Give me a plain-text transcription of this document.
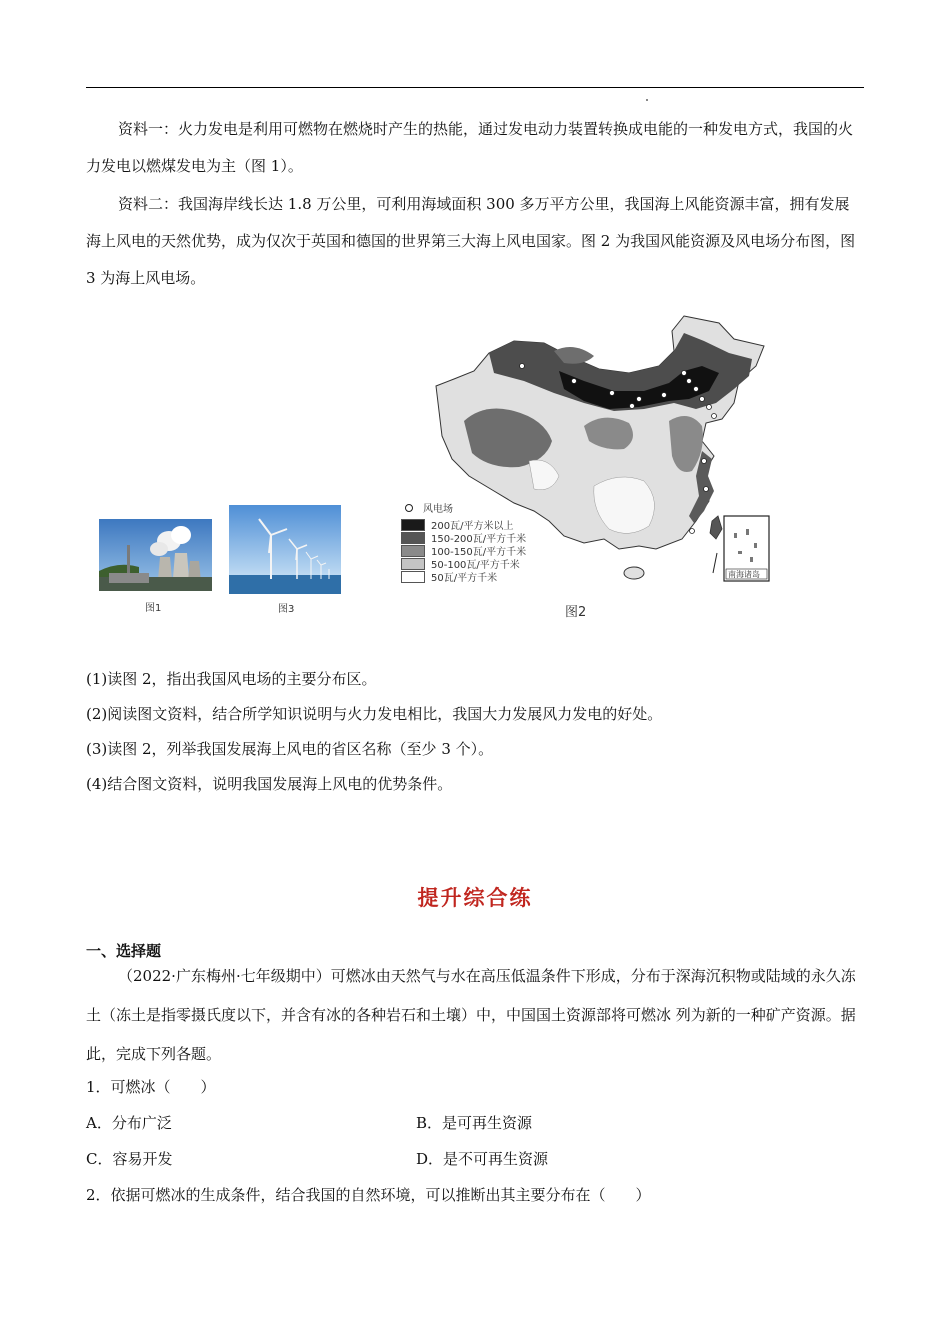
资料一：火力发电是利用可燃物在燃烧时产生的热能，通过发电动力装置转换成电能的一种发电方式，我国的火力发电以燃煤发电为主（图 1）。

资料二：我国海岸线长达 1.8 万公里，可利用海域面积 300 多万平方公里，我国海上风能资源丰富，拥有发展海上风电的天然优势，成为仅次于英国和德国的世界第三大海上风电国家。图 2 为我国风能资源及风电场分布图，图 3 为海上风电场。

图1	图3
南海诸岛
风电场
200瓦/平方米以上
150-200瓦/平方千米
100-150瓦/平方千米
50-100瓦/平方千米
50瓦/平方千米
图2

(1)读图 2，指出我国风电场的主要分布区。

(2)阅读图文资料，结合所学知识说明与火力发电相比，我国大力发展风力发电的好处。

(3)读图 2，列举我国发展海上风电的省区名称（至少 3 个）。

(4)结合图文资料，说明我国发展海上风电的优势条件。

提升综合练

一、选择题

（2022·广东梅州·七年级期中）可燃冰由天然气与水在高压低温条件下形成，分布于深海沉积物或陆域的永久冻土（冻土是指零摄氏度以下，并含有冰的各种岩石和土壤）中，中国国土资源部将可燃冰 列为新的一种矿产资源。据此，完成下列各题。

1．可燃冰（　　）

A．分布广泛	B．是可再生资源

C．容易开发	D．是不可再生资源

2．依据可燃冰的生成条件，结合我国的自然环境，可以推断出其主要分布在（　　）
